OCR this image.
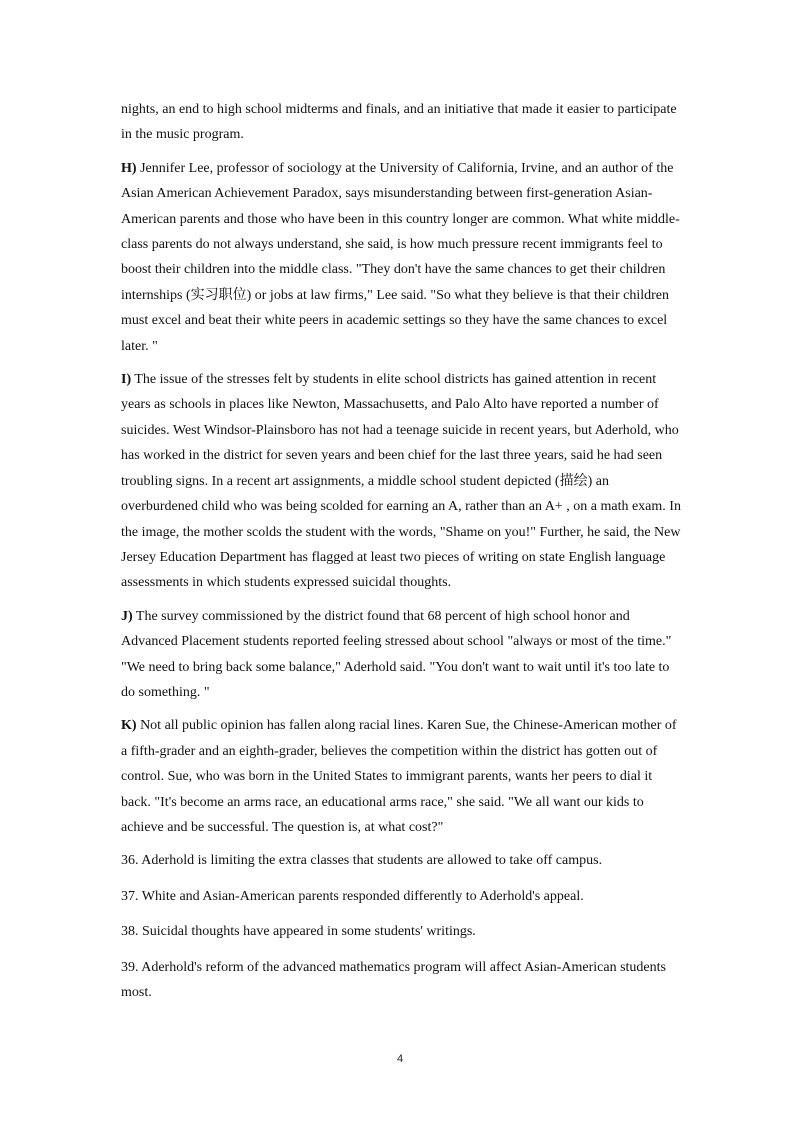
nights, an end to high school midterms and finals, and an initiative that made it easier to participate in the music program.

H) Jennifer Lee, professor of sociology at the University of California, Irvine, and an author of the Asian American Achievement Paradox, says misunderstanding between first-generation Asian-American parents and those who have been in this country longer are common. What white middle-class parents do not always understand, she said, is how much pressure recent immigrants feel to boost their children into the middle class. "They don't have the same chances to get their children internships (实习职位) or jobs at law firms," Lee said. "So what they believe is that their children must excel and beat their white peers in academic settings so they have the same chances to excel later. "

I) The issue of the stresses felt by students in elite school districts has gained attention in recent years as schools in places like Newton, Massachusetts, and Palo Alto have reported a number of suicides. West Windsor-Plainsboro has not had a teenage suicide in recent years, but Aderhold, who has worked in the district for seven years and been chief for the last three years, said he had seen troubling signs. In a recent art assignments, a middle school student depicted (描绘) an overburdened child who was being scolded for earning an A, rather than an A+ , on a math exam. In the image, the mother scolds the student with the words, "Shame on you!" Further, he said, the New Jersey Education Department has flagged at least two pieces of writing on state English language assessments in which students expressed suicidal thoughts.

J) The survey commissioned by the district found that 68 percent of high school honor and Advanced Placement students reported feeling stressed about school "always or most of the time." "We need to bring back some balance," Aderhold said. "You don't want to wait until it's too late to do something. "

K) Not all public opinion has fallen along racial lines. Karen Sue, the Chinese-American mother of a fifth-grader and an eighth-grader, believes the competition within the district has gotten out of control. Sue, who was born in the United States to immigrant parents, wants her peers to dial it back. "It's become an arms race, an educational arms race," she said. "We all want our kids to achieve and be successful. The question is, at what cost?"

36. Aderhold is limiting the extra classes that students are allowed to take off campus.

37. White and Asian-American parents responded differently to Aderhold's appeal.

38. Suicidal thoughts have appeared in some students' writings.

39. Aderhold's reform of the advanced mathematics program will affect Asian-American students most.

4
